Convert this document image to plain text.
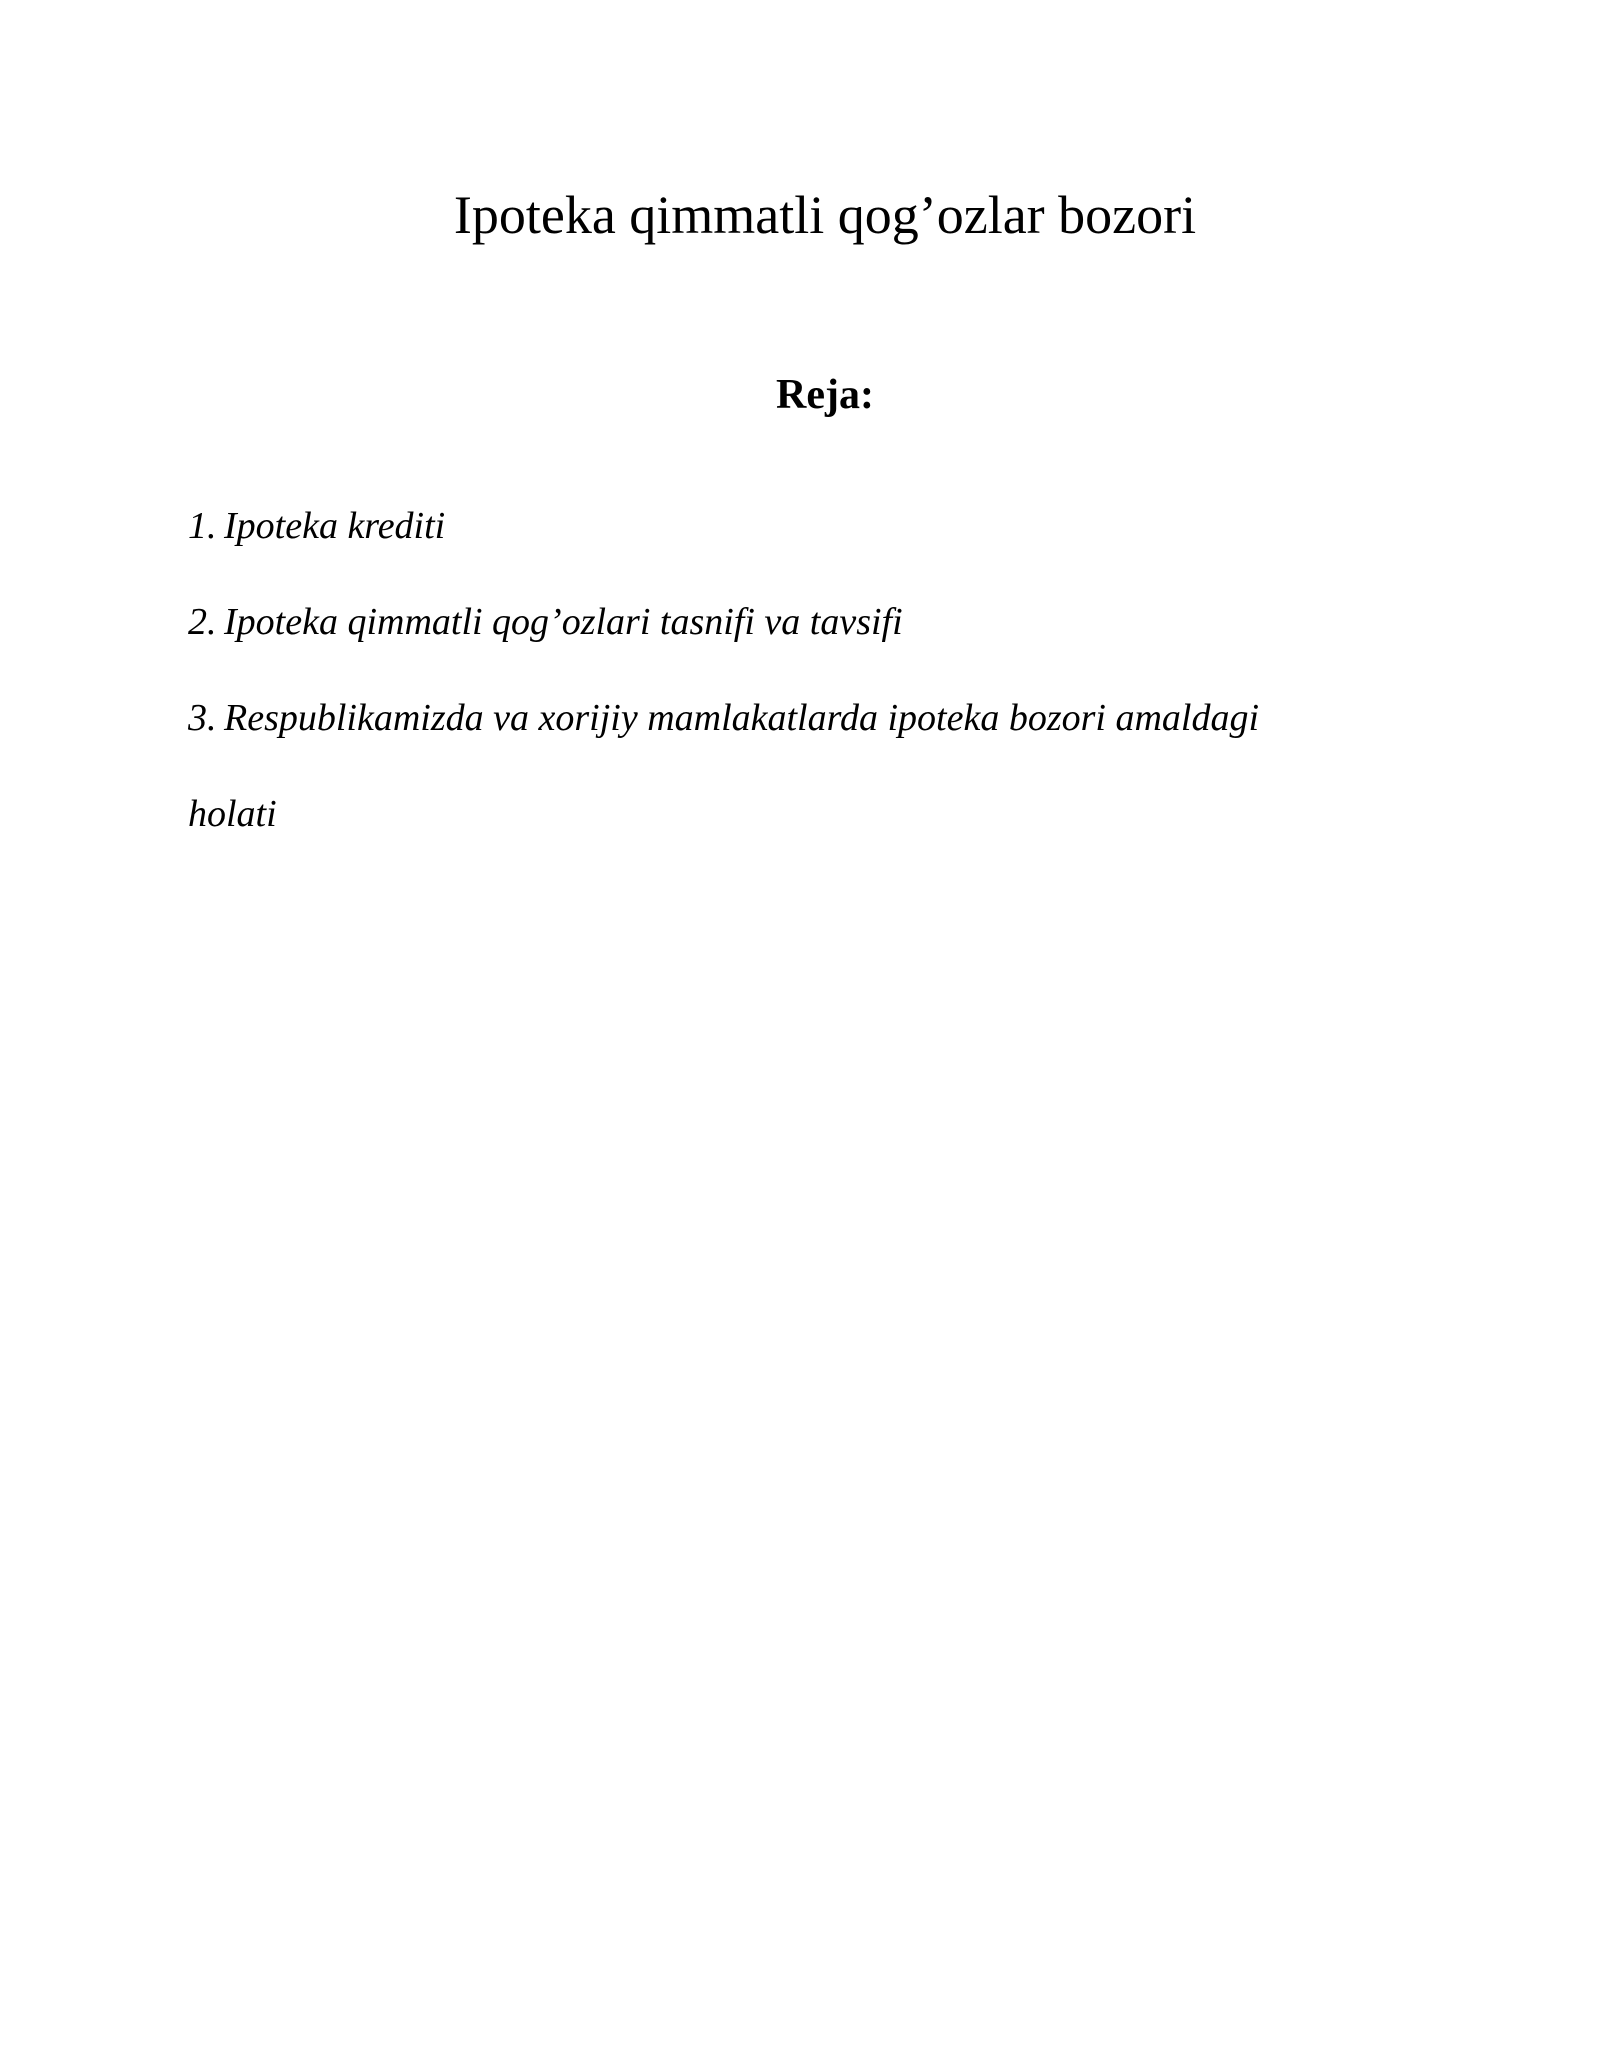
Ipoteka qimmatli qog’ozlar bozori
Reja:
1. Ipoteka krediti
2. Ipoteka qimmatli qog’ozlari tasnifi va tavsifi
3. Respublikamizda va xorijiy mamlakatlarda ipoteka bozori amaldagi
holati
